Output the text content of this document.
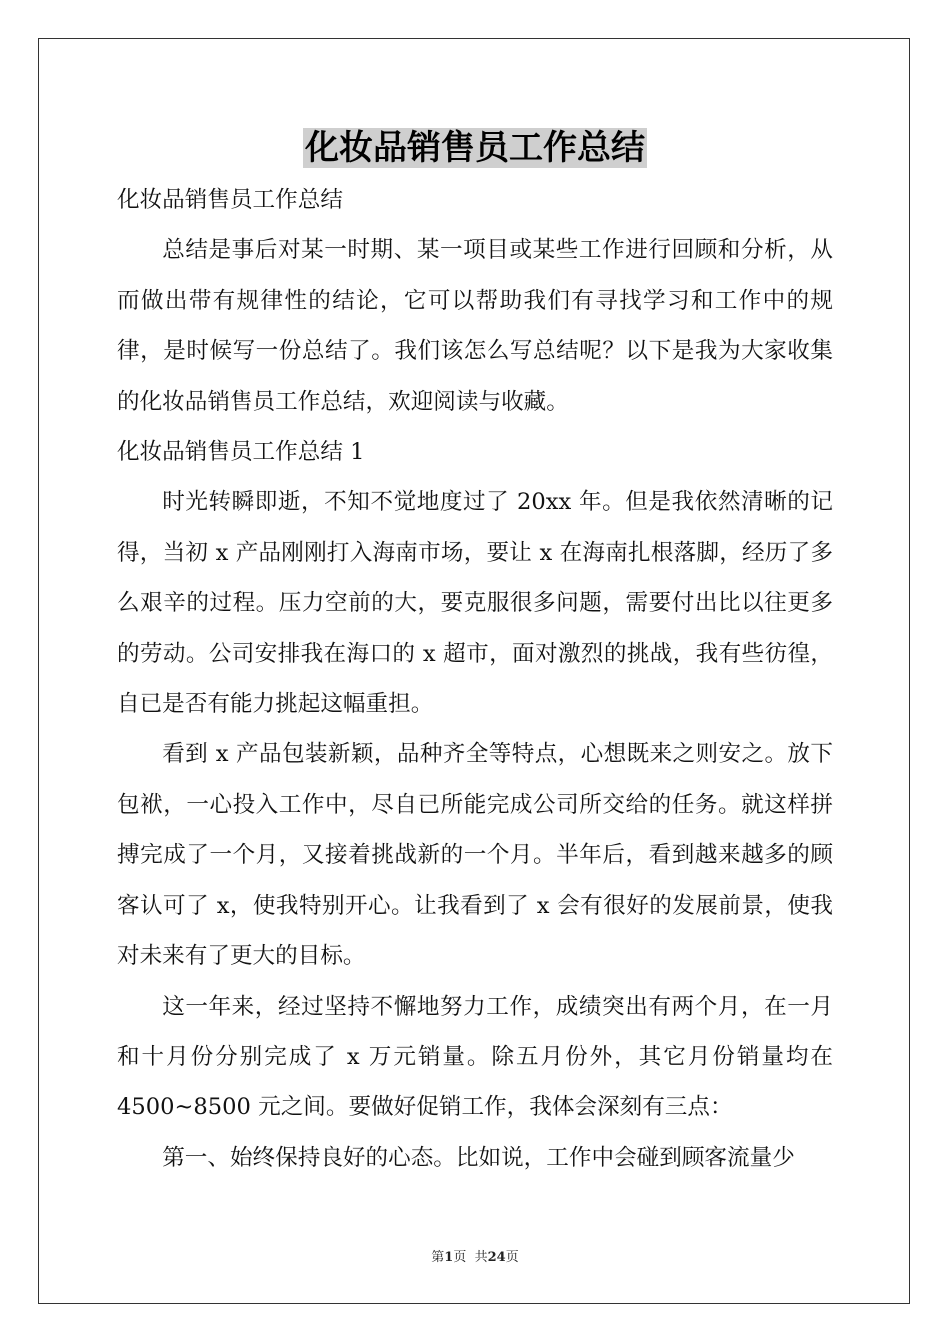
化妆品销售员工作总结

化妆品销售员工作总结

总结是事后对某一时期、某一项目或某些工作进行回顾和分析，从而做出带有规律性的结论，它可以帮助我们有寻找学习和工作中的规律，是时候写一份总结了。我们该怎么写总结呢？以下是我为大家收集的化妆品销售员工作总结，欢迎阅读与收藏。

化妆品销售员工作总结 1

时光转瞬即逝，不知不觉地度过了 20xx 年。但是我依然清晰的记得，当初 x 产品刚刚打入海南市场，要让 x 在海南扎根落脚，经历了多么艰辛的过程。压力空前的大，要克服很多问题，需要付出比以往更多的劳动。公司安排我在海口的 x 超市，面对激烈的挑战，我有些彷徨，自已是否有能力挑起这幅重担。

看到 x 产品包装新颖，品种齐全等特点，心想既来之则安之。放下包袱，一心投入工作中，尽自已所能完成公司所交给的任务。就这样拼搏完成了一个月，又接着挑战新的一个月。半年后，看到越来越多的顾客认可了 x，使我特别开心。让我看到了 x 会有很好的发展前景，使我对未来有了更大的目标。

这一年来，经过坚持不懈地努力工作，成绩突出有两个月，在一月和十月份分别完成了 x 万元销量。除五月份外，其它月份销量均在 4500~8500 元之间。要做好促销工作，我体会深刻有三点：

第一、始终保持良好的心态。比如说，工作中会碰到顾客流量少

第1页  共24页
